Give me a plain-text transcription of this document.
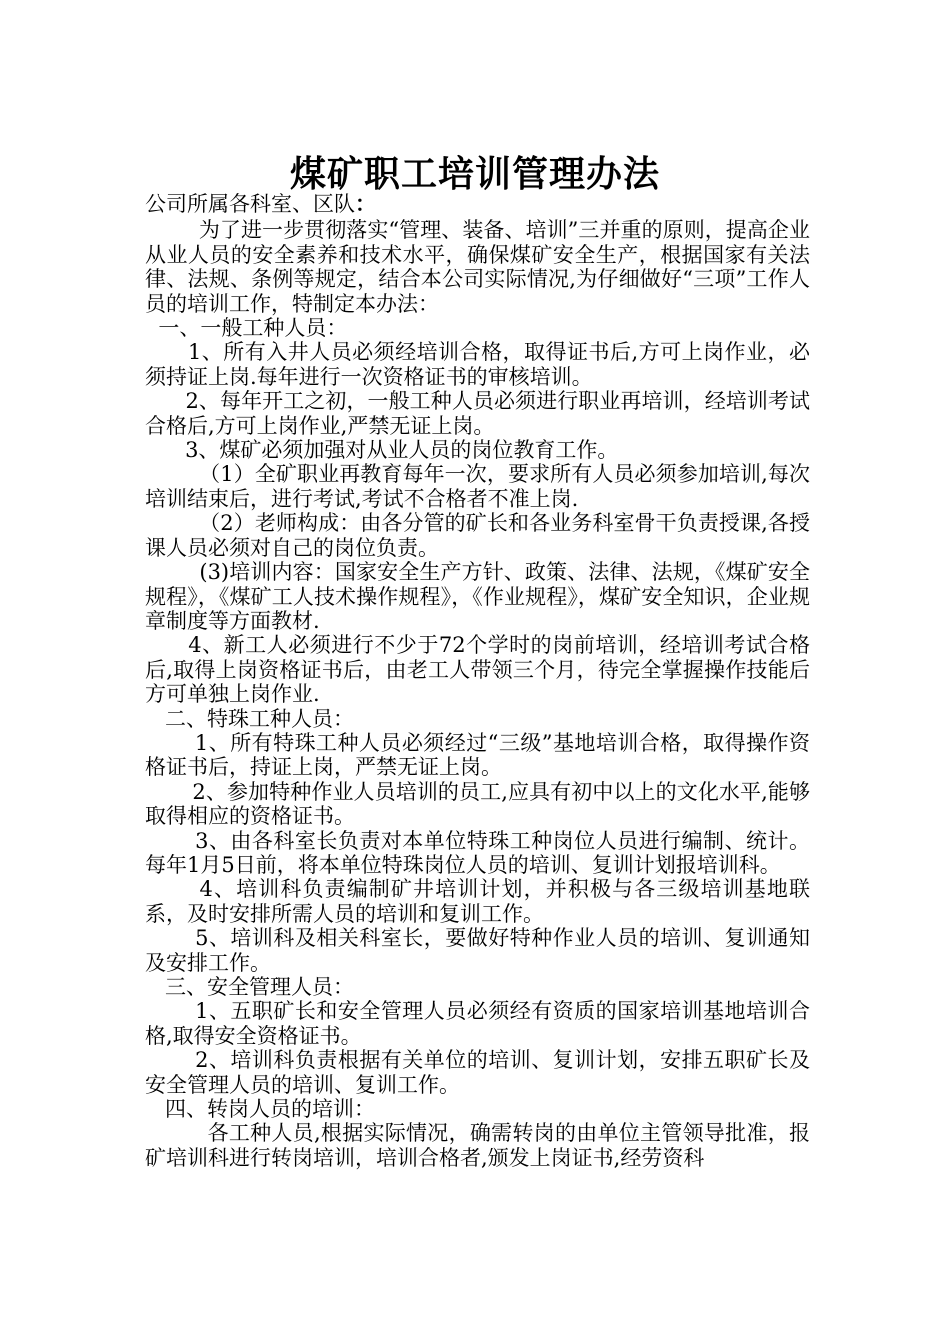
煤矿职工培训管理办法

公司所属各科室、区队：

为了进一步贯彻落实“管理、装备、培训”三并重的原则，提高企业从业人员的安全素养和技术水平，确保煤矿安全生产，根据国家有关法律、法规、条例等规定，结合本公司实际情况,为仔细做好“三项”工作人员的培训工作，特制定本办法：

一、一般工种人员：

1、所有入井人员必须经培训合格，取得证书后,方可上岗作业，必须持证上岗.每年进行一次资格证书的审核培训。

2、每年开工之初，一般工种人员必须进行职业再培训，经培训考试合格后,方可上岗作业,严禁无证上岗。

3、煤矿必须加强对从业人员的岗位教育工作。

（1）全矿职业再教育每年一次，要求所有人员必须参加培训,每次培训结束后，进行考试,考试不合格者不准上岗.

（2）老师构成：由各分管的矿长和各业务科室骨干负责授课,各授课人员必须对自己的岗位负责。

(3)培训内容：国家安全生产方针、政策、法律、法规，《煤矿安全规程》，《煤矿工人技术操作规程》，《作业规程》，煤矿安全知识，企业规章制度等方面教材.

4、新工人必须进行不少于72个学时的岗前培训，经培训考试合格后,取得上岗资格证书后，由老工人带领三个月，待完全掌握操作技能后方可单独上岗作业.

二、特珠工种人员：

1、所有特珠工种人员必须经过“三级”基地培训合格，取得操作资格证书后，持证上岗，严禁无证上岗。

2、参加特种作业人员培训的员工,应具有初中以上的文化水平,能够取得相应的资格证书。

3、由各科室长负责对本单位特珠工种岗位人员进行编制、统计。每年1月5日前，将本单位特珠岗位人员的培训、复训计划报培训科。

4、培训科负责编制矿井培训计划，并积极与各三级培训基地联系，及时安排所需人员的培训和复训工作。

5、培训科及相关科室长，要做好特种作业人员的培训、复训通知及安排工作。

三、安全管理人员：

1、五职矿长和安全管理人员必须经有资质的国家培训基地培训合格,取得安全资格证书。

2、培训科负责根据有关单位的培训、复训计划，安排五职矿长及安全管理人员的培训、复训工作。

四、转岗人员的培训：

各工种人员,根据实际情况，确需转岗的由单位主管领导批准，报矿培训科进行转岗培训，培训合格者,颁发上岗证书,经劳资科
